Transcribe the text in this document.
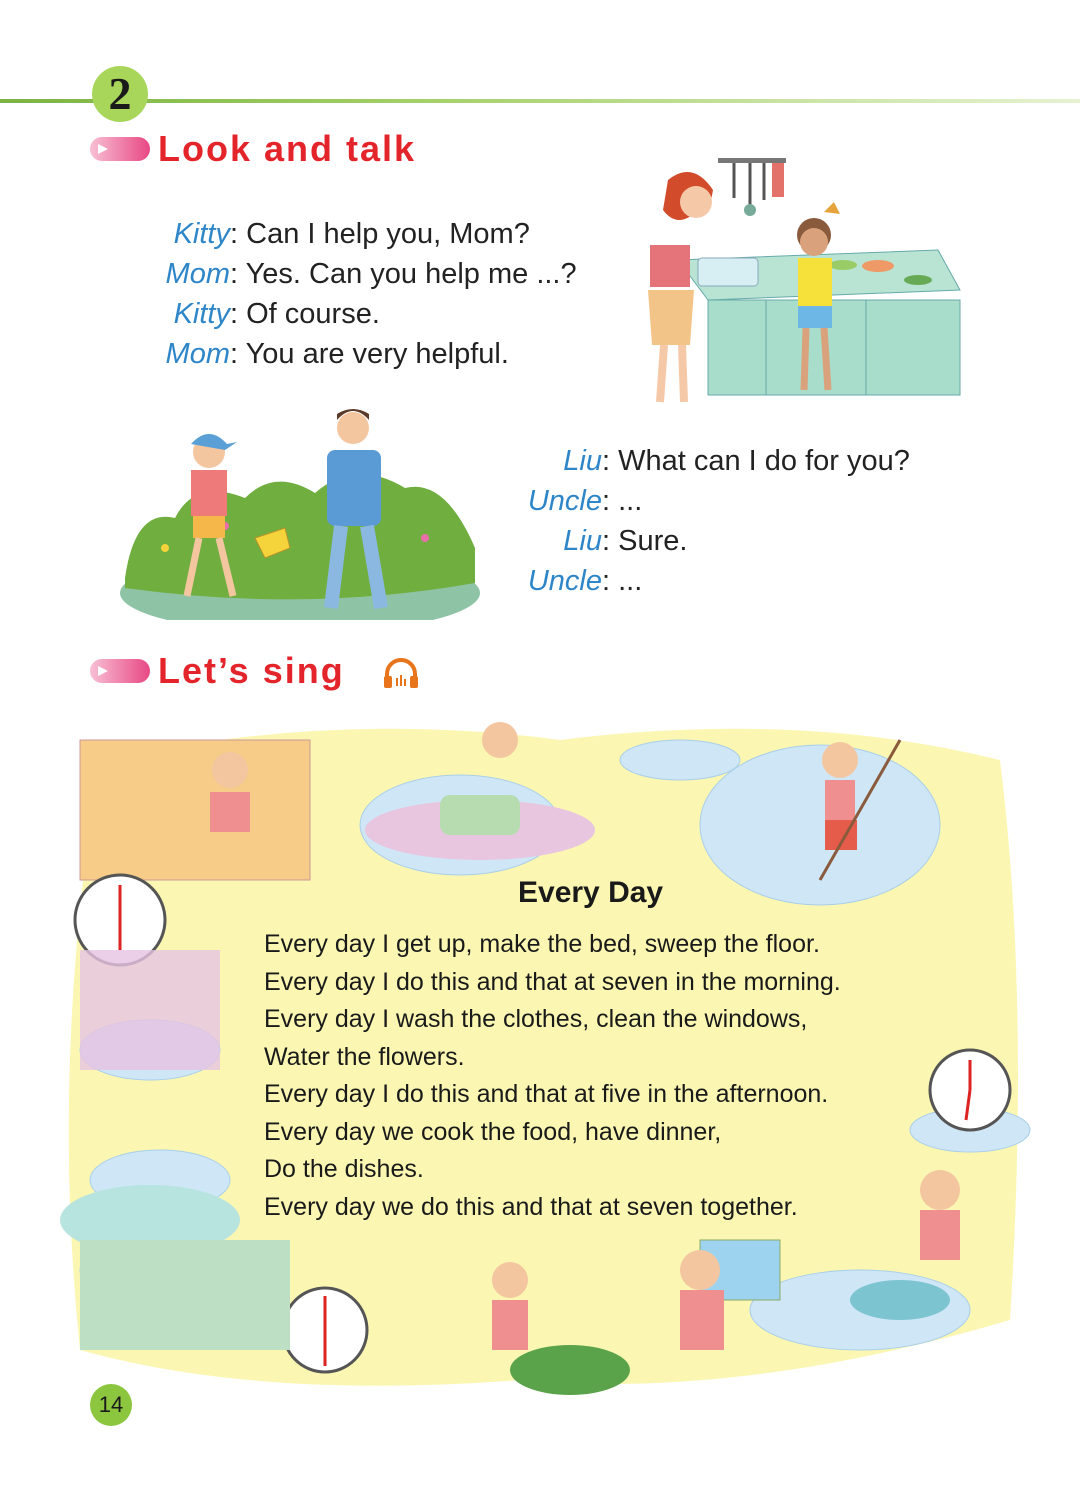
2
Look and talk
Kitty: Can I help you, Mom?
Mom: Yes. Can you help me ...?
Kitty: Of course.
Mom: You are very helpful.
Liu: What can I do for you?
Uncle: ...
Liu: Sure.
Uncle: ...
Let’s sing
Every Day
Every day I get up, make the bed, sweep the floor.
Every day I do this and that at seven in the morning.
Every day I wash the clothes, clean the windows,
Water the flowers.
Every day I do this and that at five in the afternoon.
Every day we cook the food, have dinner,
Do the dishes.
Every day we do this and that at seven together.
14
